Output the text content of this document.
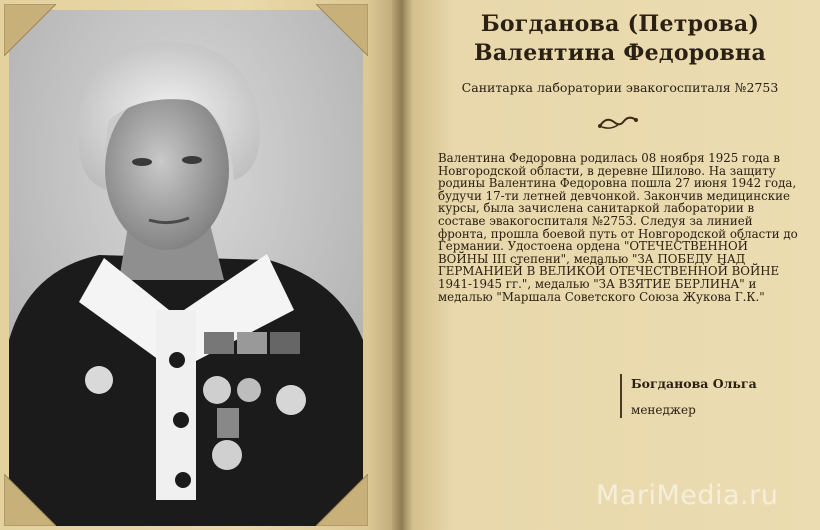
Богданова (Петрова)
Валентина Федоровна
Санитарка лаборатории эвакогоспиталя №2753
Валентина Федоровна родилась 08 ноября 1925 года в Новгородской области, в деревне Шилово. На защиту родины Валентина Федоровна пошла 27 июня 1942 года, будучи 17-ти летней девчонкой. Закончив медицинские курсы, была зачислена санитаркой лаборатории в составе эвакогоспиталя №2753. Следуя за линией фронта, прошла боевой путь от Новгородской области до Германии. Удостоена ордена "ОТЕЧЕСТВЕННОЙ ВОЙНЫ III степени", медалью "ЗА ПОБЕДУ НАД ГЕРМАНИЕЙ В ВЕЛИКОЙ ОТЕЧЕСТВЕННОЙ ВОЙНЕ 1941-1945 гг.", медалью "ЗА ВЗЯТИЕ БЕРЛИНА" и медалью "Маршала Советского Союза Жукова Г.К."
Богданова Ольга
менеджер
MariMedia.ru
